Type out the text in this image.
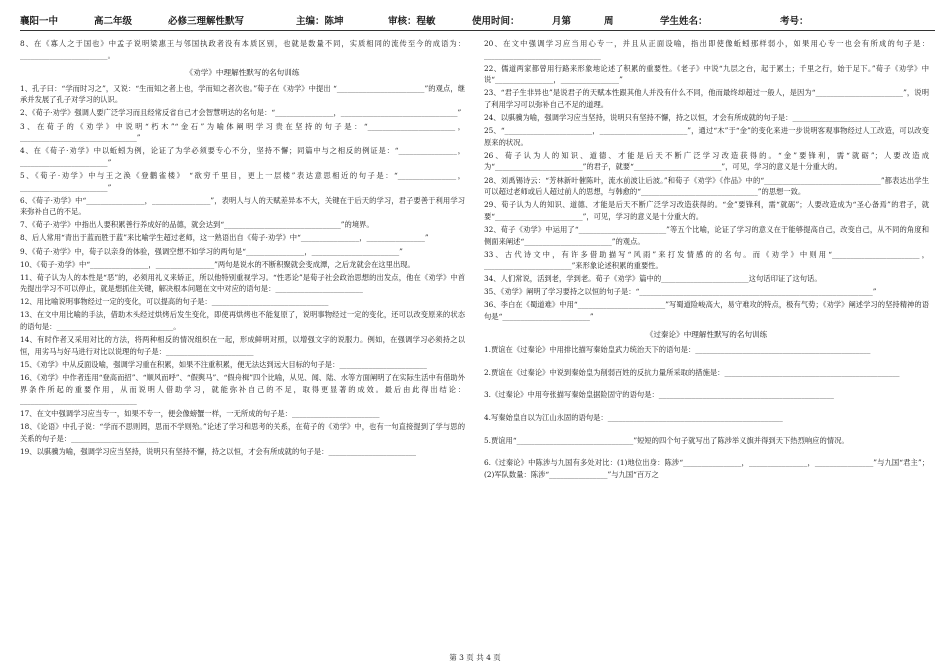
襄阳一中	高二年级	必修三理解性默写	主编：陈坤	审核：程敏	使用时间：	月第	周	学生姓名：	考号：

8、在《寡人之于国也》中孟子说明梁惠王与邻国执政者没有本质区别，也就是数量不同，实质相同的流传至今的成语为：________________________。

《劝学》中理解性默写的名句训练

1、孔子曰：“学而时习之”，又说：“生而知之者上也，学而知之者次也。”荀子在《劝学》中提出 “________________________”的观点，继承并发展了孔子对学习的认识。

2、《荀子·劝学》强调人要广泛学习而且经常反省自己才会智慧明达的名句是：“________________，________________________________”

3、在荀子的《劝学》中说明“朽木”“金石”为喻体阐明学习贵在坚持的句子是：“________________________，________________________________”

4、在《荀子·劝学》中以蚯蚓为例，论证了为学必须要专心不分，坚持不懈；同篇中与之相反的例证是：“________________，________________________”

5、《荀子·劝学》中与王之涣《登鹳雀楼》 “欲穷千里目，更上一层楼”表达意思相近的句子是：“________________，________________________”

6、《荀子·劝学》中“________________，________________”，表明人与人的天赋差异本不大，关键在于后天的学习，君子要善于利用学习来弥补自己的不足。

7、《荀子·劝学》中指出人要积累善行养成好的品德，就会达到“________________________________”的境界。

8、后人常用“青出于蓝而胜于蓝”来比喻学生超过老师，这一熟语出自《荀子·劝学》中“________________，________________”

9、《荀子·劝学》中，荀子以亲身的体验，强调空想不如学习的两句是“________________，________________________”

10、《荀子·劝学》中“________________，________________”两句是说水的不断积聚就会变成潭，之后龙就会在这里出现。

11、荀子认为人的本性是“恶”的，必须用礼义来矫正，所以他特别重视学习。“性恶论”是荀子社会政治思想的出发点，他在《劝学》中首先提出学习不可以停止，就是想抓住关键，解决根本问题在文中对应的语句是：________________________

12、用比喻说明事物经过一定的变化，可以提高的句子是：________________________________

13、在文中用比喻的手法，借助木头经过烘烤后发生变化，即使再烘烤也不能复原了，说明事物经过一定的变化，还可以改变原来的状态的语句是：________________________________。

14、有时作者又采用对比的方法，将两种相反的情况组织在一起，形成鲜明对照，以增强文字的说服力。例如，在强调学习必须持之以恒，用劣马与好马进行对比以说理的句子是：________________________

15、《劝学》中从反面设喻，强调学习重在积累，如果不注重积累，便无法达到远大目标的句子是：________________________

16、《劝学》中作者连用“登高而招”、“顺风而呼”、“假舆马”、“假舟楫”四个比喻，从见、闻、陆、水等方面阐明了在实际生活中有借助外界条件所起的重要作用，从而说明人借助学习，就能弥补自己的不足，取得更显著的成效。最后由此得出结论：________________________________

17、在文中强调学习应当专一，如果不专一，便会像螃蟹一样，一无所成的句子是：________________________

18、《论语》中孔子说：“学而不思则罔，思而不学则殆。”论述了学习和思考的关系，在荀子的《劝学》中，也有一句直接提到了学与思的关系的句子是：________________________

19、以骐骥为喻，强调学习应当坚持，说明只有坚持不懈，持之以恒，才会有所成就的句子是：________________________

20、在文中强调学习应当用心专一，并且从正面设喻，指出即使像蚯蚓那样弱小，如果用心专一也会有所成的句子是：________________________________

22、儒道两家都曾用行路来形象地论述了积累的重要性。《老子》中说“九层之台，起于累土；千里之行，始于足下。”荀子《劝学》中说“________________，________________”

23、“君子生非异也”是说君子的天赋本性跟其他人并没有什么不同，他而最终却超过一般人，是因为“________________________”，说明了利用学习可以弥补自己不足的道理。

24、以骐骥为喻，强调学习应当坚持，说明只有坚持不懈，持之以恒，才会有所成就的句子是：________________________

25、“________________________，________________________”，通过“木”于“金”的变化来进一步说明客观事物经过人工改造，可以改变原来的状况。

26、荀子认为人的知识、道德、才能是后天不断广泛学习改造获得的。“金”要锋利，需“就砺”；人要改造成为“________________________”的君子，就要“________________________”，可见，学习的意义是十分重大的。

28、刘禹锡诗云：“芳林新叶催陈叶，流水前波让后波。”和荀子《劝学》《作品》中的“________________________________”都表达出学生可以超过老师或后人超过前人的思想，与韩愈的“________________________________”的思想一致。

29、荀子认为人的知识、道德、才能是后天不断广泛学习改造获得的。“金”要锋利，需“就砺”；人要改造成为“圣心备焉”的君子，就要“________________________”，可见，学习的意义是十分重大的。

32、荀子《劝学》中运用了“________________________”等五个比喻，论证了学习的意义在于能够提高自己，改变自己，从不同的角度和侧面来阐述“________________________”的观点。

33、古代诗文中，有许多借助描写“风雨”来打发情感的的名句。而《劝学》中则用“________________________，________________________”来形象论述积累的重要性。

34、人们常说，活到老，学到老。荀子《劝学》篇中的________________________这句话印证了这句话。

35、《劝学》阐明了学习要持之以恒的句子是：“________________________________________________________________”

36、李白在《蜀道难》中用“________________________”写蜀道险峻高大，易守难攻的特点，极有气势；《劝学》阐述学习的坚持精神的语句是“________________________”

《过秦论》中理解性默写的名句训练

1.贾谊在《过秦论》中用排比描写秦始皇武力统治天下的语句是：________________________________________________

2.贾谊在《过秦论》中说到秦始皇为削弱百姓的反抗力量所采取的措施是：________________________________________________

3.《过秦论》中用夸张描写秦始皇据险固守的语句是：________________________________________________

4.写秦始皇自以为江山永固的语句是：________________________________________________

5.贾谊用“________________________________”短短的四个句子就写出了陈涉举义旗并得到天下热烈响应的情况。

6.《过秦论》中陈涉与九国有多处对比：(1)地位出身：陈涉“________________，________________，________________”与九国“君主”；(2)军队数量：陈涉“________________”与九国“百万之

第 3 页 共 4 页
